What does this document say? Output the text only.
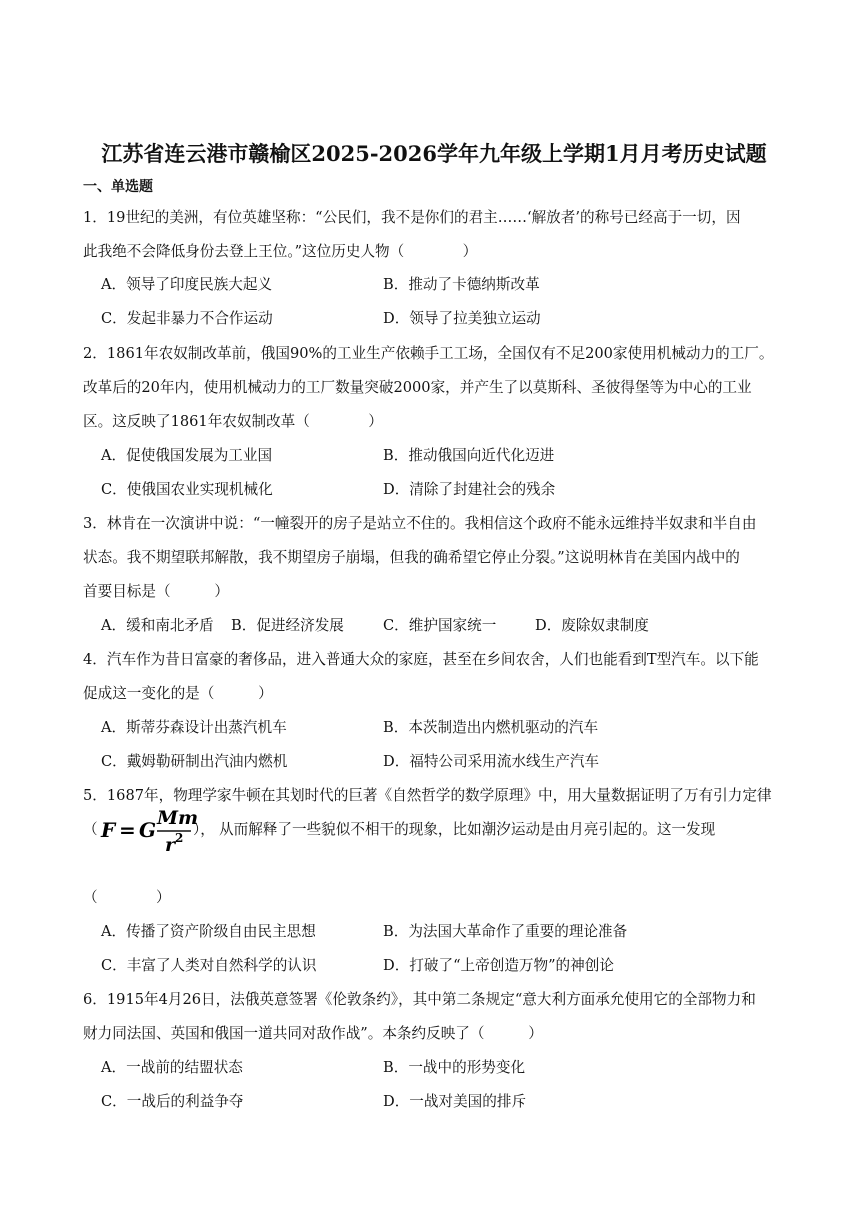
江苏省连云港市赣榆区2025-2026学年九年级上学期1月月考历史试题
一、单选题
1．19世纪的美洲，有位英雄坚称：“公民们，我不是你们的君主……‘解放者’的称号已经高于一切，因
此我绝不会降低身份去登上王位。”这位历史人物（　　　　）
A．领导了印度民族大起义	B．推动了卡德纳斯改革
C．发起非暴力不合作运动	D．领导了拉美独立运动
2．1861年农奴制改革前，俄国90%的工业生产依赖手工工场，全国仅有不足200家使用机械动力的工厂。
改革后的20年内，使用机械动力的工厂数量突破2000家，并产生了以莫斯科、圣彼得堡等为中心的工业
区。这反映了1861年农奴制改革（　　　　）
A．促使俄国发展为工业国	B．推动俄国向近代化迈进
C．使俄国农业实现机械化	D．清除了封建社会的残余
3．林肯在一次演讲中说：“一幢裂开的房子是站立不住的。我相信这个政府不能永远维持半奴隶和半自由
状态。我不期望联邦解散，我不期望房子崩塌，但我的确希望它停止分裂。”这说明林肯在美国内战中的
首要目标是（　　　）
A．缓和南北矛盾 B．促进经济发展	C．维护国家统一	D．废除奴隶制度
4．汽车作为昔日富豪的奢侈品，进入普通大众的家庭，甚至在乡间农舍，人们也能看到T型汽车。以下能
促成这一变化的是（　　　）
A．斯蒂芬森设计出蒸汽机车	B．本茨制造出内燃机驱动的汽车
C．戴姆勒研制出汽油内燃机	D．福特公司采用流水线生产汽车
5．1687年，物理学家牛顿在其划时代的巨著《自然哲学的数学原理》中，用大量数据证明了万有引力定律
（ F = G Mm
r 2 ）， 从而解释了一些貌似不相干的现象，比如潮汐运动是由月亮引起的。这一发现
（　　　　）
A．传播了资产阶级自由民主思想	B．为法国大革命作了重要的理论准备
C．丰富了人类对自然科学的认识	D．打破了“上帝创造万物”的神创论
6．1915年4月26日，法俄英意签署《伦敦条约》，其中第二条规定“意大利方面承允使用它的全部物力和
财力同法国、英国和俄国一道共同对敌作战”。本条约反映了（　　　）
A．一战前的结盟状态	B．一战中的形势变化
C．一战后的利益争夺	D．一战对美国的排斥
